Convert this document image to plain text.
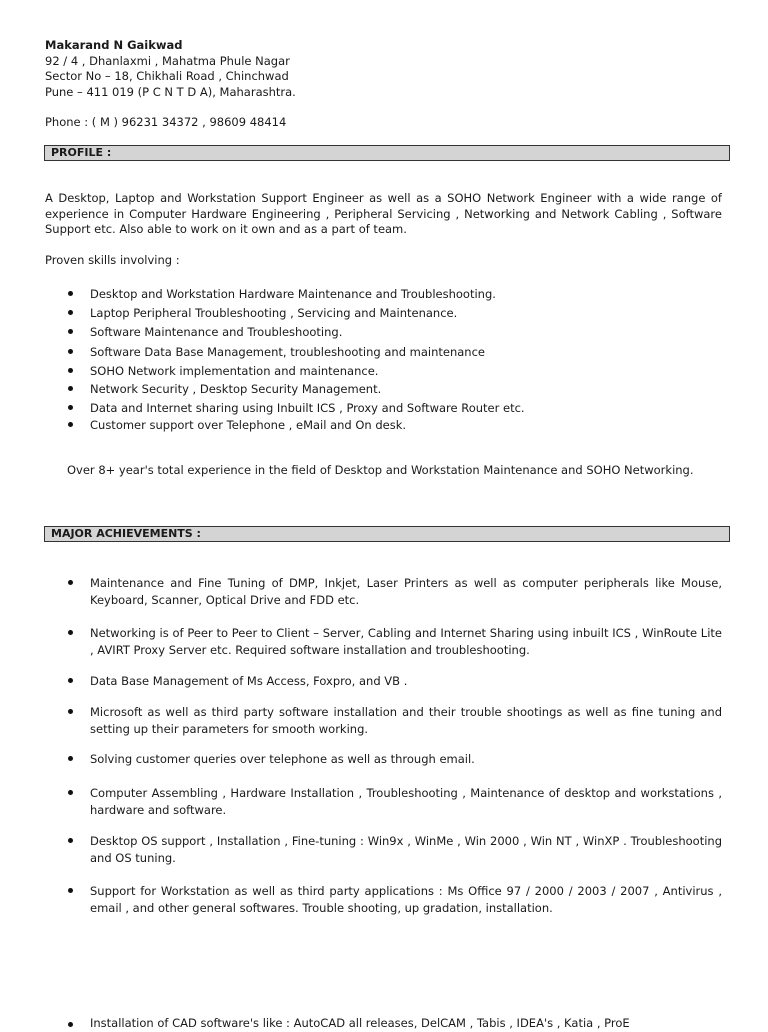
Makarand N Gaikwad
92 / 4 , Dhanlaxmi , Mahatma Phule Nagar
Sector No – 18, Chikhali Road , Chinchwad
Pune – 411 019 (P C N T D A), Maharashtra.
Phone : ( M ) 96231 34372 , 98609 48414
PROFILE :
A Desktop, Laptop and Workstation Support Engineer as well as a SOHO Network Engineer with a wide range of experience in Computer Hardware Engineering , Peripheral Servicing , Networking and Network Cabling , Software Support etc. Also able to work on it own and as a part of team.
Proven skills involving :
Desktop and Workstation Hardware Maintenance and Troubleshooting.
Laptop Peripheral Troubleshooting , Servicing and Maintenance.
Software Maintenance and Troubleshooting.
Software Data Base Management, troubleshooting and maintenance
SOHO Network implementation and maintenance.
Network Security , Desktop Security Management.
Data and Internet sharing using Inbuilt ICS , Proxy and Software Router etc.
Customer support over Telephone , eMail and On desk.
Over 8+ year's total experience in the field of Desktop and Workstation Maintenance and SOHO Networking.
MAJOR ACHIEVEMENTS :
Maintenance and Fine Tuning of DMP, Inkjet, Laser Printers as well as computer peripherals like Mouse, Keyboard, Scanner, Optical Drive and FDD etc.
Networking is of Peer to Peer to Client – Server, Cabling and Internet Sharing using inbuilt ICS , WinRoute Lite , AVIRT Proxy Server etc. Required software installation and troubleshooting.
Data Base Management of Ms Access, Foxpro, and VB .
Microsoft as well as third party software installation and their trouble shootings as well as fine tuning and setting up their parameters for smooth working.
Solving customer queries over telephone as well as through email.
Computer Assembling , Hardware Installation , Troubleshooting , Maintenance of desktop and workstations , hardware and software.
Desktop OS support , Installation , Fine-tuning : Win9x , WinMe , Win 2000 , Win NT , WinXP . Troubleshooting and OS tuning.
Support for Workstation as well as third party applications : Ms Office 97 / 2000 / 2003 / 2007 , Antivirus , email , and other general softwares. Trouble shooting, up gradation, installation.
Installation of CAD software's like : AutoCAD all releases, DelCAM , Tabis , IDEA's , Katia , ProE
